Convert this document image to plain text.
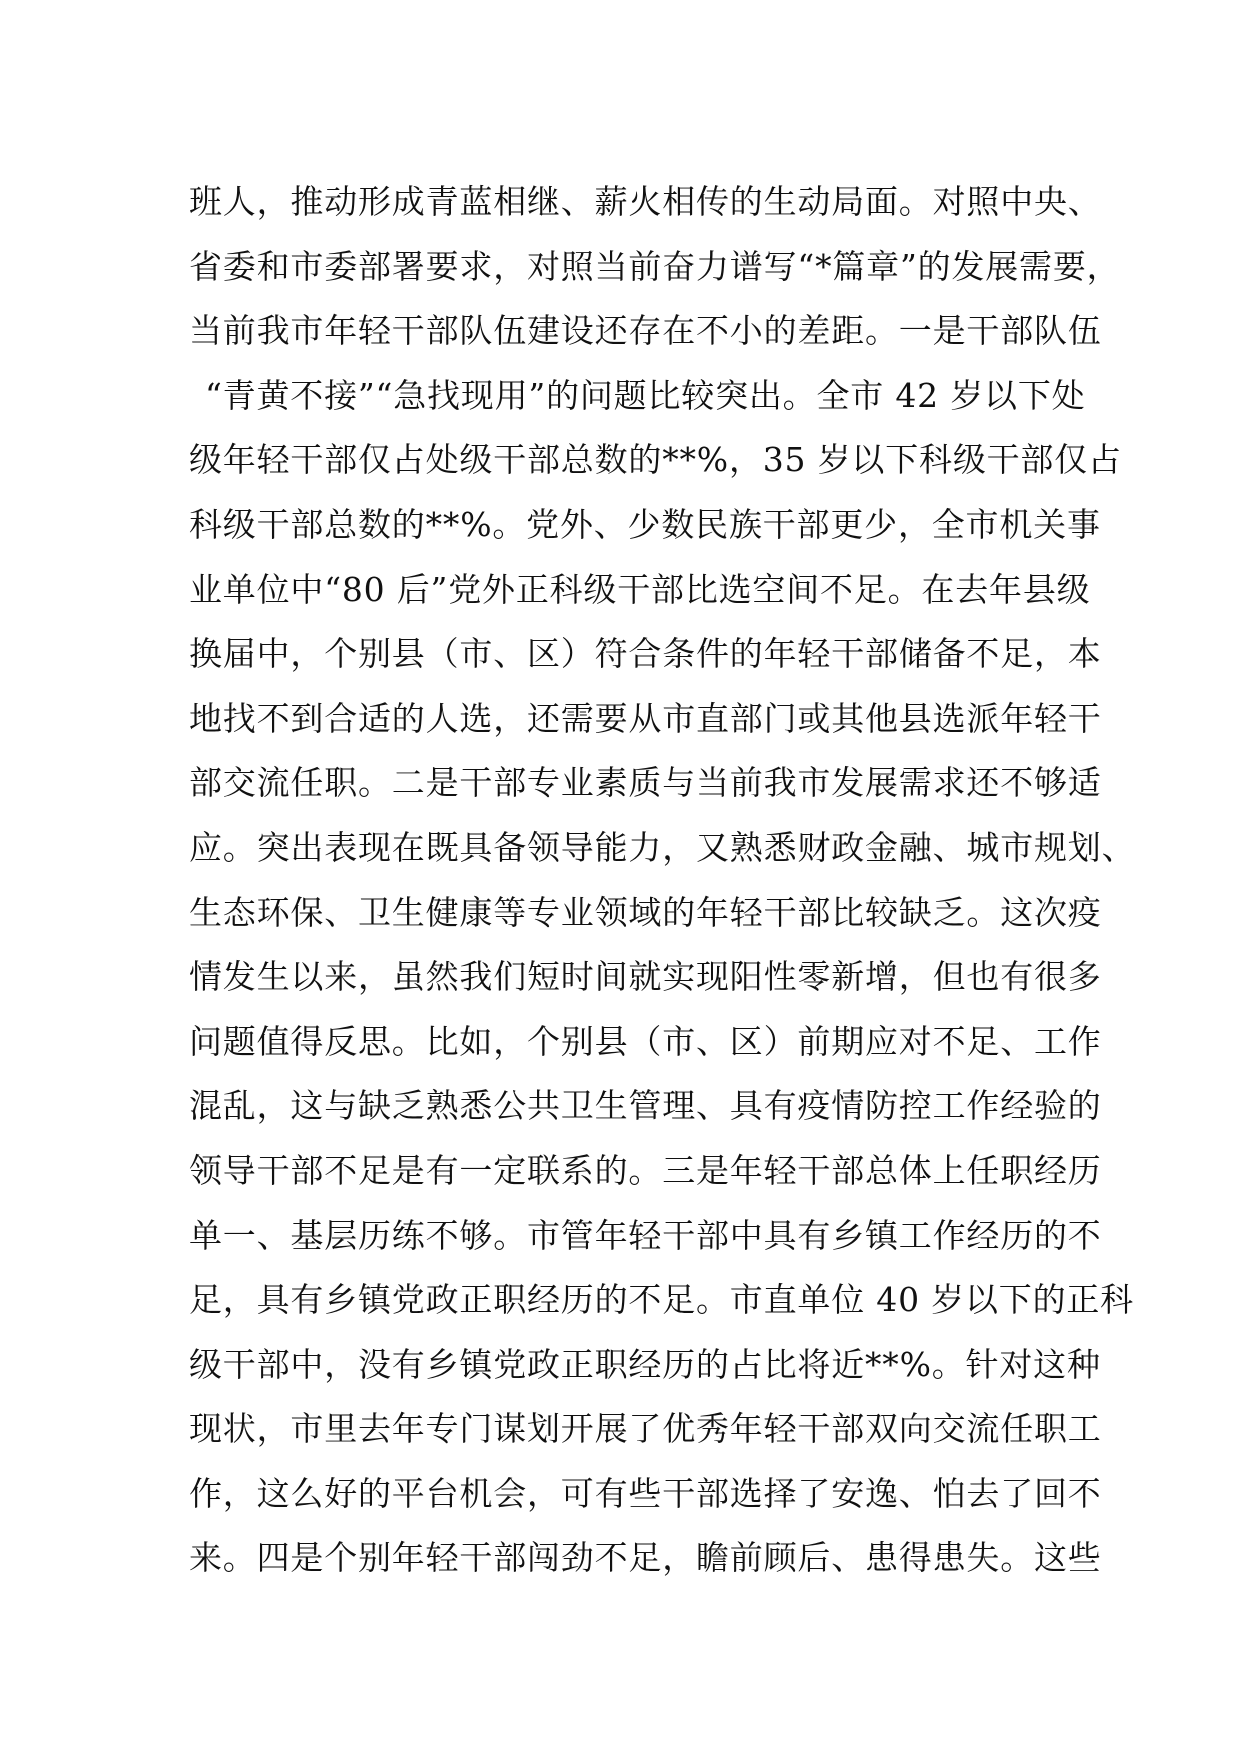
班人，推动形成青蓝相继、薪火相传的生动局面。对照中央、
省委和市委部署要求，对照当前奋力谱写“*篇章”的发展需要，
当前我市年轻干部队伍建设还存在不小的差距。一是干部队伍
“青黄不接”“急找现用”的问题比较突出。全市 42 岁以下处
级年轻干部仅占处级干部总数的**%，35 岁以下科级干部仅占
科级干部总数的**%。党外、少数民族干部更少，全市机关事
业单位中“80 后”党外正科级干部比选空间不足。在去年县级
换届中，个别县（市、区）符合条件的年轻干部储备不足，本
地找不到合适的人选，还需要从市直部门或其他县选派年轻干
部交流任职。二是干部专业素质与当前我市发展需求还不够适
应。突出表现在既具备领导能力，又熟悉财政金融、城市规划、
生态环保、卫生健康等专业领域的年轻干部比较缺乏。这次疫
情发生以来，虽然我们短时间就实现阳性零新增，但也有很多
问题值得反思。比如，个别县（市、区）前期应对不足、工作
混乱，这与缺乏熟悉公共卫生管理、具有疫情防控工作经验的
领导干部不足是有一定联系的。三是年轻干部总体上任职经历
单一、基层历练不够。市管年轻干部中具有乡镇工作经历的不
足，具有乡镇党政正职经历的不足。市直单位 40 岁以下的正科
级干部中，没有乡镇党政正职经历的占比将近**%。针对这种
现状，市里去年专门谋划开展了优秀年轻干部双向交流任职工
作，这么好的平台机会，可有些干部选择了安逸、怕去了回不
来。四是个别年轻干部闯劲不足，瞻前顾后、患得患失。这些
